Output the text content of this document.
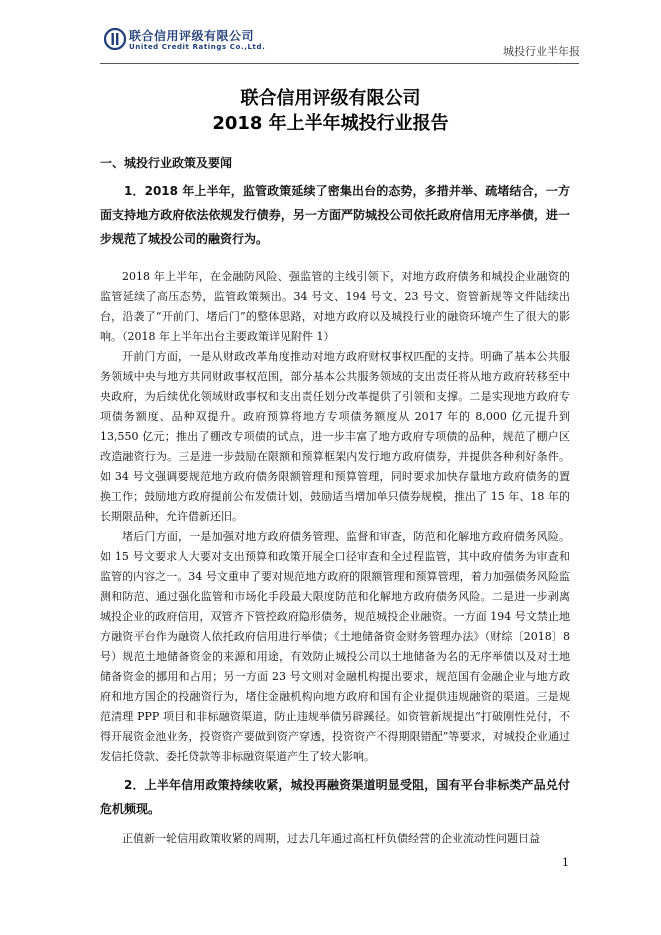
联合信用评级有限公司
United Credit Ratings Co.,Ltd.	城投行业半年报
联合信用评级有限公司
2018 年上半年城投行业报告
一、城投行业政策及要闻

1．2018 年上半年，监管政策延续了密集出台的态势，多措并举、疏堵结合，一方面支持地方政府依法依规发行债券，另一方面严防城投公司依托政府信用无序举债，进一步规范了城投公司的融资行为。

2018 年上半年，在金融防风险、强监管的主线引领下，对地方政府债务和城投企业融资的监管延续了高压态势，监管政策频出。34 号文、194 号文、23 号文、资管新规等文件陆续出台，沿袭了“开前门、堵后门”的整体思路，对地方政府以及城投行业的融资环境产生了很大的影响。（2018 年上半年出台主要政策详见附件 1）

开前门方面，一是从财政改革角度推动对地方政府财权事权匹配的支持。明确了基本公共服务领域中央与地方共同财政事权范围，部分基本公共服务领域的支出责任将从地方政府转移至中央政府，为后续优化领域财政事权和支出责任划分改革提供了引领和支撑。二是实现地方政府专项债务额度、品种双提升。政府预算将地方专项债务额度从 2017 年的 8,000 亿元提升到 13,550 亿元；推出了棚改专项债的试点，进一步丰富了地方政府专项债的品种，规范了棚户区改造融资行为。三是进一步鼓励在限额和预算框架内发行地方政府债券，并提供各种利好条件。如 34 号文强调要规范地方政府债务限额管理和预算管理，同时要求加快存量地方政府债务的置换工作；鼓励地方政府提前公布发债计划，鼓励适当增加单只债券规模，推出了 15 年、18 年的长期限品种，允许借新还旧。

堵后门方面，一是加强对地方政府债务管理、监督和审查，防范和化解地方政府债务风险。如 15 号文要求人大要对支出预算和政策开展全口径审查和全过程监管，其中政府债务为审查和监管的内容之一。34 号文重申了要对规范地方政府的限额管理和预算管理，着力加强债务风险监测和防范、通过强化监管和市场化手段最大限度防范和化解地方政府债务风险。二是进一步剥离城投企业的政府信用，双管齐下管控政府隐形债务，规范城投企业融资。一方面 194 号文禁止地方融资平台作为融资人依托政府信用进行举债；《土地储备资金财务管理办法》（财综〔2018〕8 号）规范土地储备资金的来源和用途，有效防止城投公司以土地储备为名的无序举债以及对土地储备资金的挪用和占用；另一方面 23 号文则对金融机构提出要求，规范国有金融企业与地方政府和地方国企的投融资行为，堵住金融机构向地方政府和国有企业提供违规融资的渠道。三是规范清理 PPP 项目和非标融资渠道，防止违规举债另辟蹊径。如资管新规提出“打破刚性兑付，不得开展资金池业务，投资资产要做到资产穿透，投资资产不得期限错配”等要求，对城投企业通过发信托贷款、委托贷款等非标融资渠道产生了较大影响。

2．上半年信用政策持续收紧，城投再融资渠道明显受阻，国有平台非标类产品兑付危机频现。

正值新一轮信用政策收紧的周期，过去几年通过高杠杆负债经营的企业流动性问题日益

1
